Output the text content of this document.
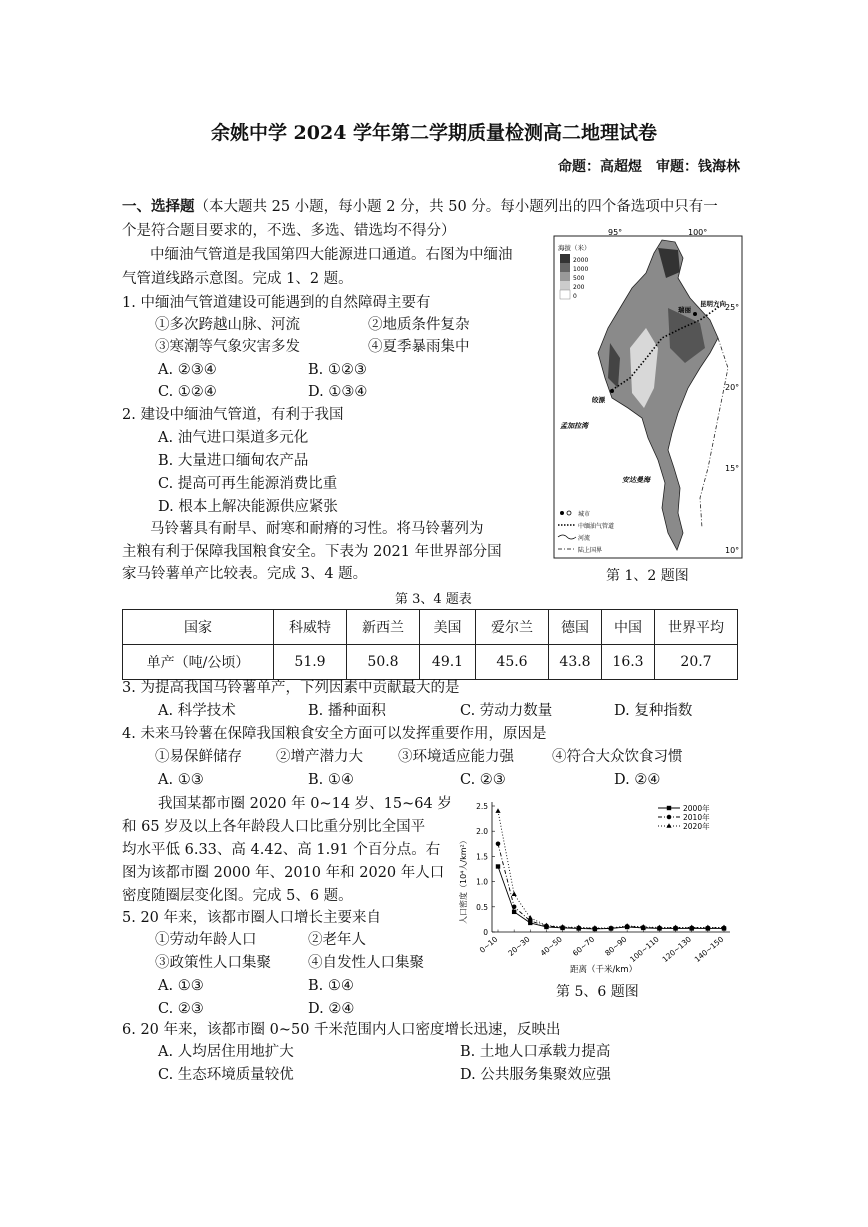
余姚中学 2024 学年第二学期质量检测高二地理试卷
命题：高超煜　审题：钱海林
一、选择题（本大题共 25 小题，每小题 2 分，共 50 分。每小题列出的四个备选项中只有一
个是符合题目要求的，不选、多选、错选均不得分）
中缅油气管道是我国第四大能源进口通道。右图为中缅油
气管道线路示意图。完成 1、2 题。
1. 中缅油气管道建设可能遇到的自然障碍主要有
①多次跨越山脉、河流	②地质条件复杂
③寒潮等气象灾害多发	④夏季暴雨集中
A. ②③④	B. ①②③
C. ①②④	D. ①③④
2. 建设中缅油气管道，有利于我国
A. 油气进口渠道多元化
B. 大量进口缅甸农产品
C. 提高可再生能源消费比重
D. 根本上解决能源供应紧张
马铃薯具有耐旱、耐寒和耐瘠的习性。将马铃薯列为
主粮有利于保障我国粮食安全。下表为 2021 年世界部分国
家马铃薯单产比较表。完成 3、4 题。
95°	100°
25°
20°
15°
10°
海拔（米）
2000
1000
500
200
0
皎漂
瑞丽
昆明方向
孟加拉湾
安达曼海
城市
中缅油气管道
河流
陆上国界
第 1、2 题图
第 3、4 题表
国家	科威特	新西兰	美国	爱尔兰	德国	中国	世界平均
单产（吨/公顷）	51.9	50.8	49.1	45.6	43.8	16.3	20.7
3. 为提高我国马铃薯单产，下列因素中贡献最大的是
A. 科学技术	B. 播种面积	C. 劳动力数量	D. 复种指数
4. 未来马铃薯在保障我国粮食安全方面可以发挥重要作用，原因是
①易保鲜储存 ②增产潜力大 ③环境适应能力强	④符合大众饮食习惯
A. ①③	B. ①④	C. ②③	D. ②④
我国某都市圈 2020 年 0~14 岁、15~64 岁
和 65 岁及以上各年龄段人口比重分别比全国平
均水平低 6.33、高 4.42、高 1.91 个百分点。右
图为该都市圈 2000 年、2010 年和 2020 年人口
密度随圈层变化图。完成 5、6 题。
5. 20 年来，该都市圈人口增长主要来自
①劳动年龄人口	②老年人
③政策性人口集聚	④自发性人口集聚
A. ①③	B. ①④
C. ②③	D. ②④
人口密度（10⁴人/km²）
距离（千米/km）
0
0.5
1.0
1.5
2.0
2.5
0~10 20~30 40~50 60~70 80~90 100~110 120~130 140~150
2000年
2010年
2020年
第 5、6 题图
6. 20 年来，该都市圈 0~50 千米范围内人口密度增长迅速，反映出
A. 人均居住用地扩大	B. 土地人口承载力提高
C. 生态环境质量较优	D. 公共服务集聚效应强
